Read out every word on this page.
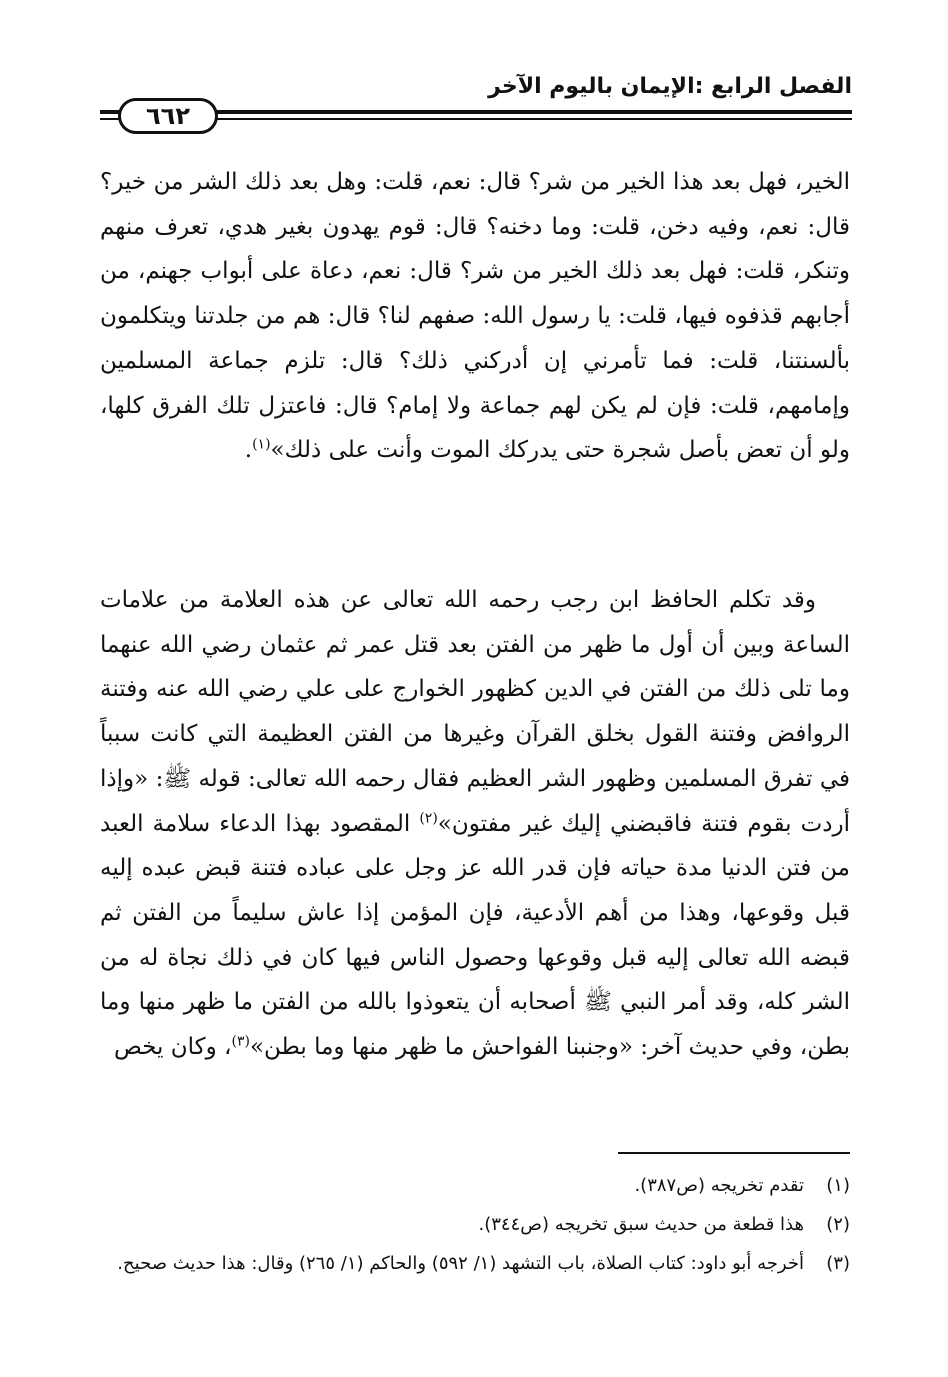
الفصل الرابع :الإيمان باليوم الآخر
٦٦٢

الخير، فهل بعد هذا الخير من شر؟ قال: نعم، قلت: وهل بعد ذلك الشر من خير؟ قال: نعم، وفيه دخن، قلت: وما دخنه؟ قال: قوم يهدون بغير هدي، تعرف منهم وتنكر، قلت: فهل بعد ذلك الخير من شر؟ قال: نعم، دعاة على أبواب جهنم، من أجابهم قذفوه فيها، قلت: يا رسول الله: صفهم لنا؟ قال: هم من جلدتنا ويتكلمون بألسنتنا، قلت: فما تأمرني إن أدركني ذلك؟ قال: تلزم جماعة المسلمين وإمامهم، قلت: فإن لم يكن لهم جماعة ولا إمام؟ قال: فاعتزل تلك الفرق كلها، ولو أن تعض بأصل شجرة حتى يدركك الموت وأنت على ذلك»$^{(١)}$.

وقد تكلم الحافظ ابن رجب رحمه الله تعالى عن هذه العلامة من علامات الساعة وبين أن أول ما ظهر من الفتن بعد قتل عمر ثم عثمان رضي الله عنهما وما تلى ذلك من الفتن في الدين كظهور الخوارج على علي رضي الله عنه وفتنة الروافض وفتنة القول بخلق القرآن وغيرها من الفتن العظيمة التي كانت سبباً في تفرق المسلمين وظهور الشر العظيم فقال رحمه الله تعالى: قوله ﷺ: «وإذا أردت بقوم فتنة فاقبضني إليك غير مفتون»$^{(٢)}$ المقصود بهذا الدعاء سلامة العبد من فتن الدنيا مدة حياته فإن قدر الله عز وجل على عباده فتنة قبض عبده إليه قبل وقوعها، وهذا من أهم الأدعية، فإن المؤمن إذا عاش سليماً من الفتن ثم قبضه الله تعالى إليه قبل وقوعها وحصول الناس فيها كان في ذلك نجاة له من الشر كله، وقد أمر النبي ﷺ أصحابه أن يتعوذوا بالله من الفتن ما ظهر منها وما بطن، وفي حديث آخر: «وجنبنا الفواحش ما ظهر منها وما بطن»$^{(٣)}$، وكان يخص

(١)
تقدم تخريجه (ص٣٨٧).

(٢)
هذا قطعة من حديث سبق تخريجه (ص٣٤٤).

(٣)
أخرجه أبو داود: كتاب الصلاة، باب التشهد (١/ ٥٩٢) والحاكم (١/ ٢٦٥) وقال: هذا حديث صحيح.
